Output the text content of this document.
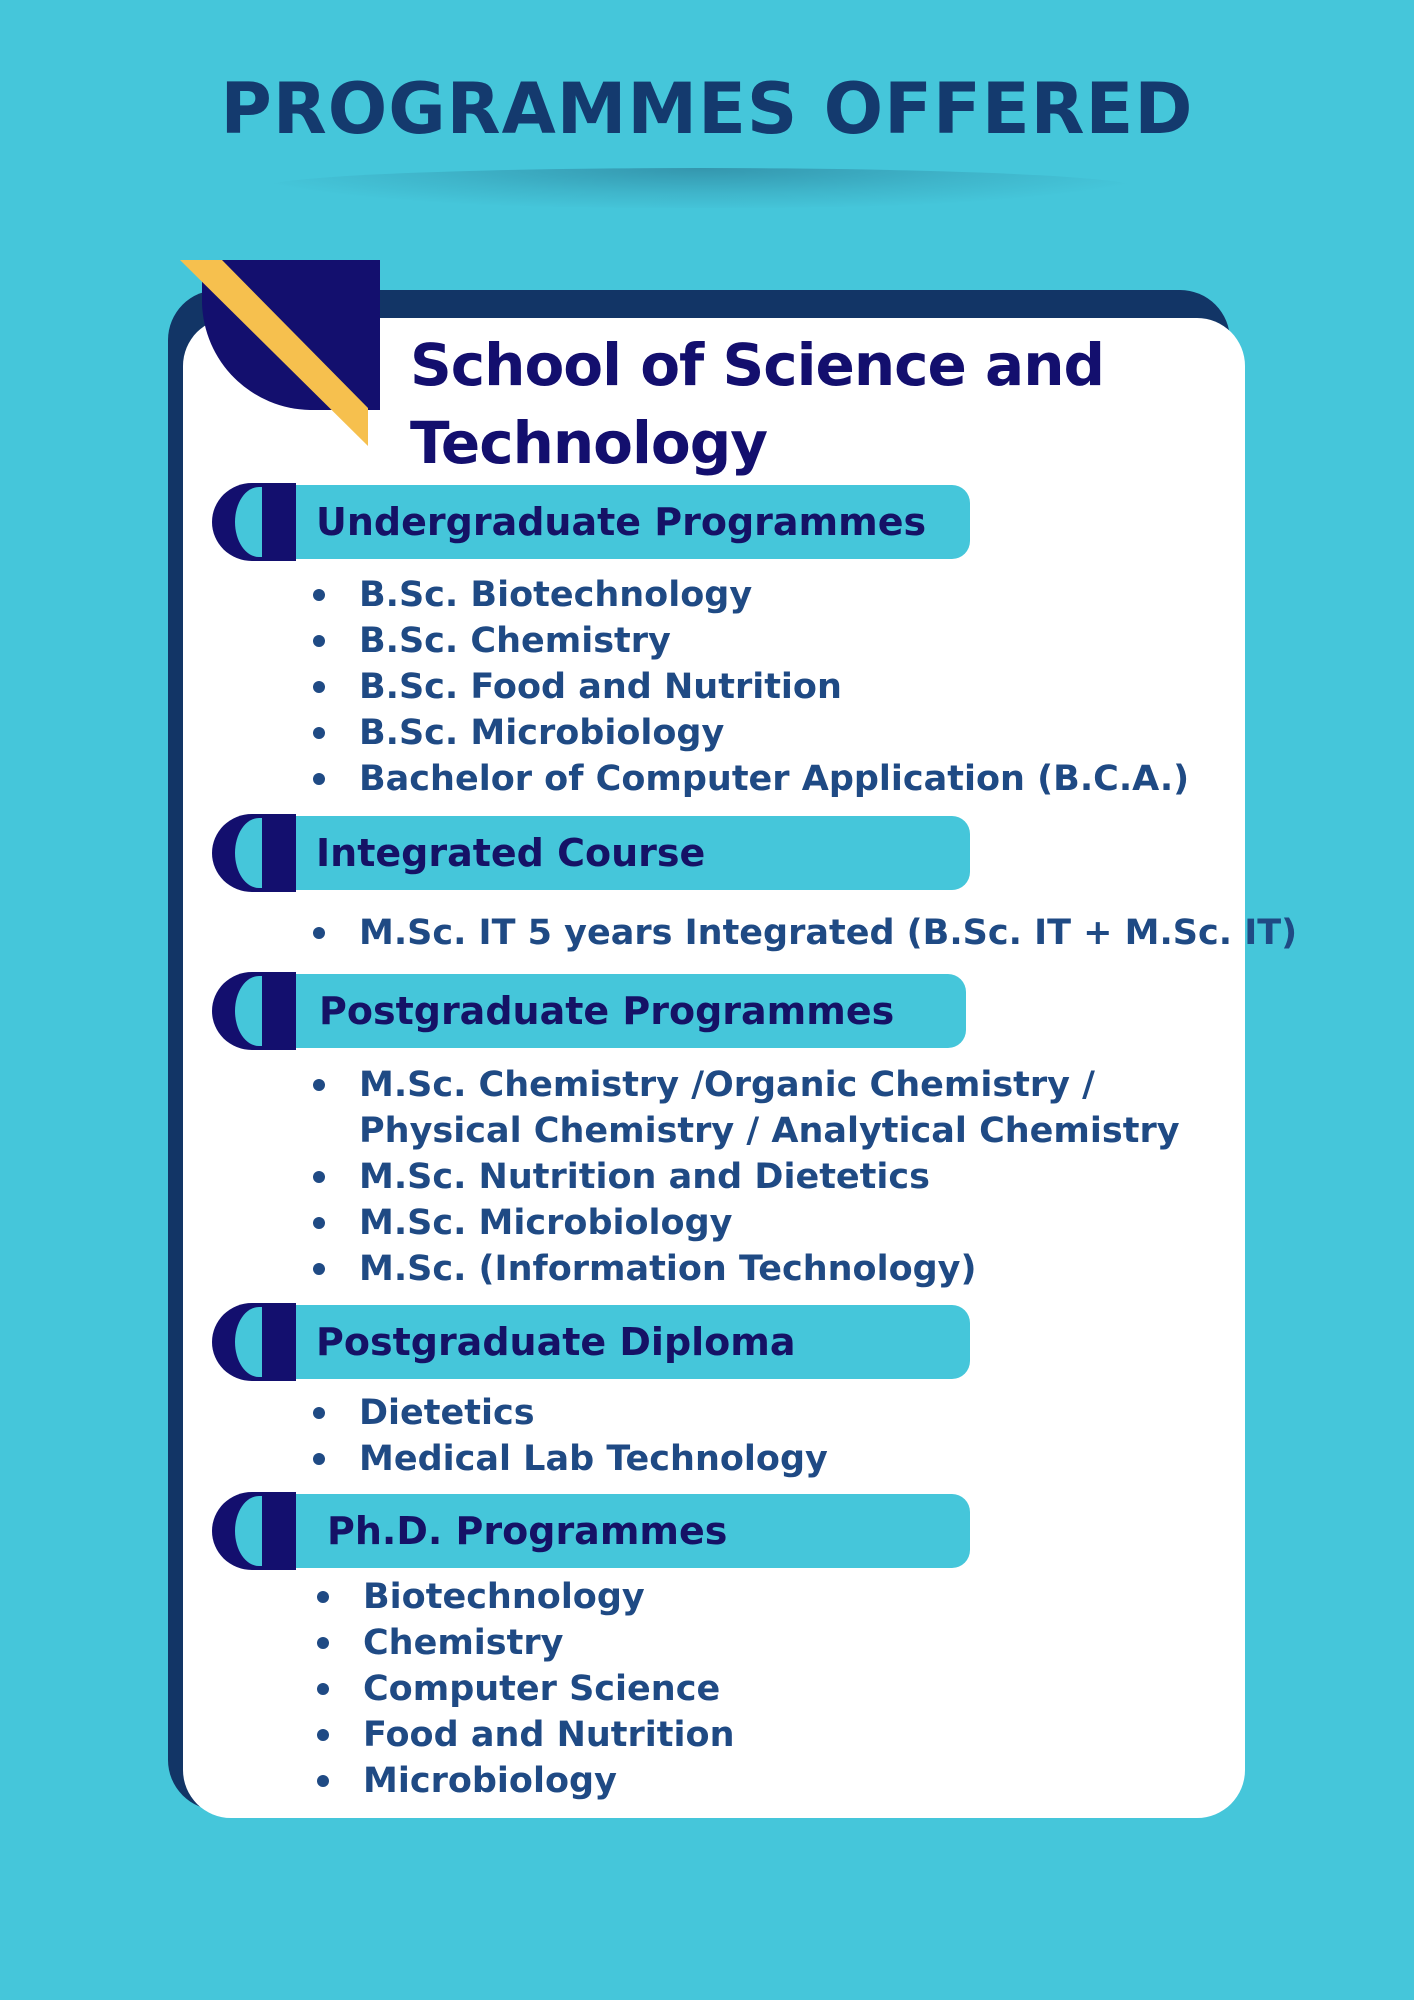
PROGRAMMES OFFERED
School of Science and Technology
Undergraduate Programmes
B.Sc. Biotechnology
B.Sc. Chemistry
B.Sc. Food and Nutrition
B.Sc. Microbiology
Bachelor of Computer Application (B.C.A.)
Integrated Course
M.Sc. IT 5 years Integrated (B.Sc. IT + M.Sc. IT)
Postgraduate Programmes
M.Sc. Chemistry /Organic Chemistry /
Physical Chemistry / Analytical Chemistry
M.Sc. Nutrition and Dietetics
M.Sc. Microbiology
M.Sc. (Information Technology)
Postgraduate Diploma
Dietetics
Medical Lab Technology
Ph.D. Programmes
Biotechnology
Chemistry
Computer Science
Food and Nutrition
Microbiology
